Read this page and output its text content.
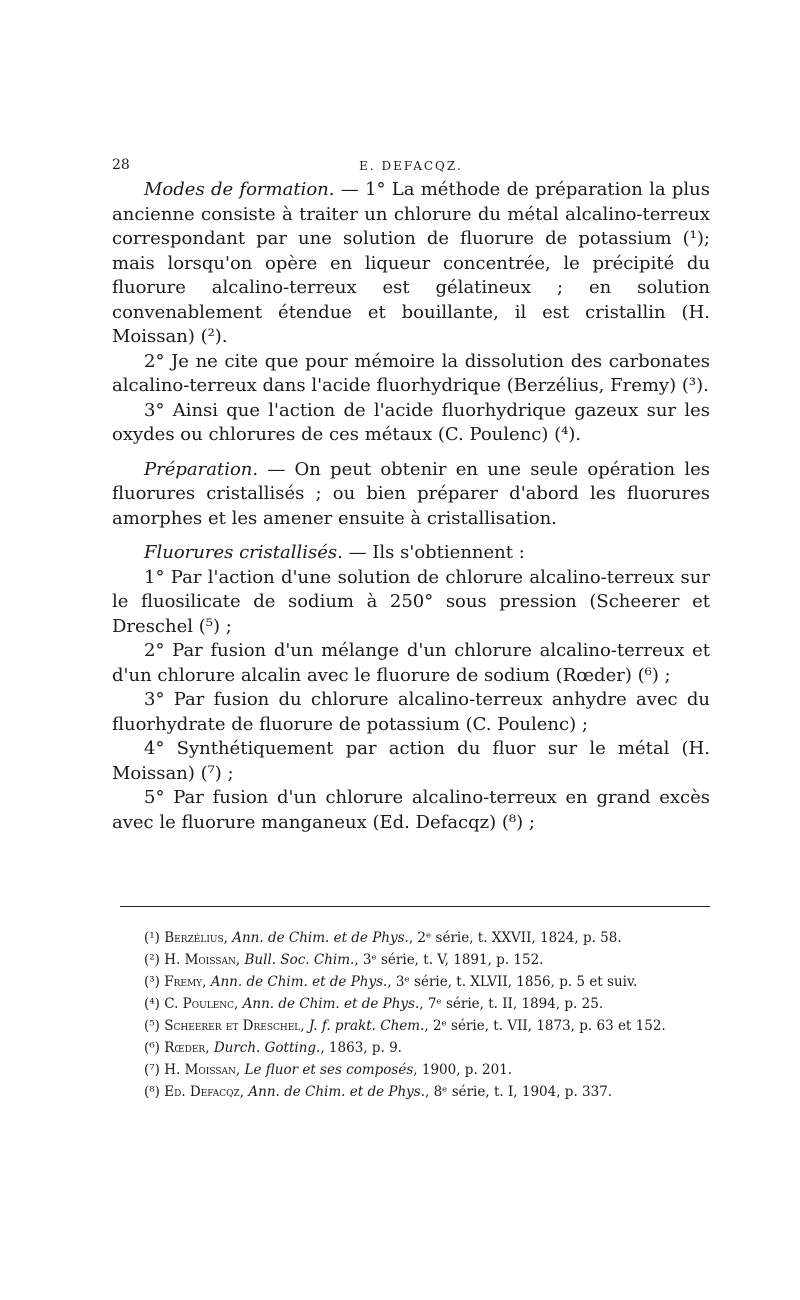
28	E. DEFACQZ.

Modes de formation. — 1° La méthode de préparation la plus ancienne consiste à traiter un chlorure du métal alcalino-terreux correspondant par une solution de fluorure de potassium (¹); mais lorsqu'on opère en liqueur concentrée, le précipité du fluorure alcalino-terreux est gélatineux ; en solution convenablement étendue et bouillante, il est cristallin (H. Moissan) (²).

2° Je ne cite que pour mémoire la dissolution des carbonates alcalino-terreux dans l'acide fluorhydrique (Berzélius, Fremy) (³).

3° Ainsi que l'action de l'acide fluorhydrique gazeux sur les oxydes ou chlorures de ces métaux (C. Poulenc) (⁴).

Préparation. — On peut obtenir en une seule opération les fluorures cristallisés ; ou bien préparer d'abord les fluorures amorphes et les amener ensuite à cristallisation.

Fluorures cristallisés. — Ils s'obtiennent :

1° Par l'action d'une solution de chlorure alcalino-terreux sur le fluosilicate de sodium à 250° sous pression (Scheerer et Dreschel (⁵) ;

2° Par fusion d'un mélange d'un chlorure alcalino-terreux et d'un chlorure alcalin avec le fluorure de sodium (Rœder) (⁶) ;

3° Par fusion du chlorure alcalino-terreux anhydre avec du fluorhydrate de fluorure de potassium (C. Poulenc) ;

4° Synthétiquement par action du fluor sur le métal (H. Moissan) (⁷) ;

5° Par fusion d'un chlorure alcalino-terreux en grand excès avec le fluorure manganeux (Ed. Defacqz) (⁸) ;

(¹) Berzélius, Ann. de Chim. et de Phys., 2ᵉ série, t. XXVII, 1824, p. 58.

(²) H. Moissan, Bull. Soc. Chim., 3ᵉ série, t. V, 1891, p. 152.

(³) Fremy, Ann. de Chim. et de Phys., 3ᵉ série, t. XLVII, 1856, p. 5 et suiv.

(⁴) C. Poulenc, Ann. de Chim. et de Phys., 7ᵉ série, t. II, 1894, p. 25.

(⁵) Scheerer et Dreschel, J. f. prakt. Chem., 2ᵉ série, t. VII, 1873, p. 63 et 152.

(⁶) Rœder, Durch. Gotting., 1863, p. 9.

(⁷) H. Moissan, Le fluor et ses composés, 1900, p. 201.

(⁸) Ed. Defacqz, Ann. de Chim. et de Phys., 8ᵉ série, t. I, 1904, p. 337.
